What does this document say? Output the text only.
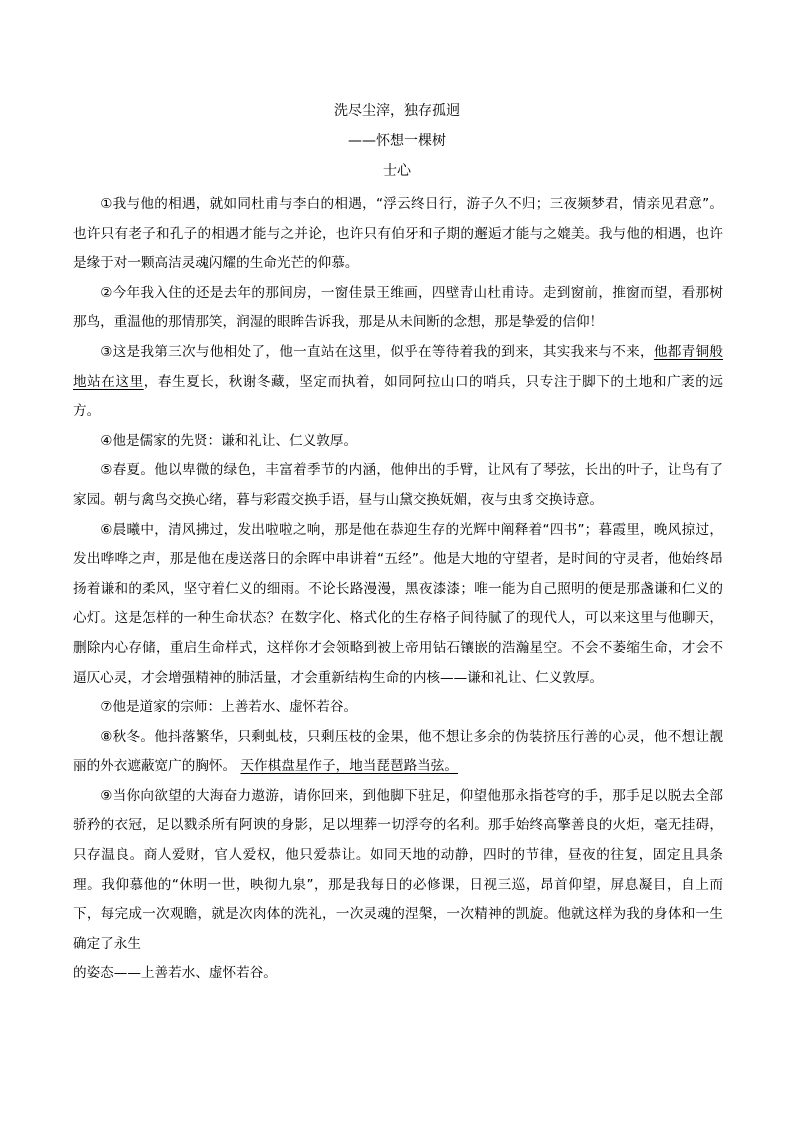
洗尽尘滓，独存孤迥
——怀想一棵树
士心

①我与他的相遇，就如同杜甫与李白的相遇，“浮云终日行，游子久不归；三夜频梦君，情亲见君意”。也许只有老子和孔子的相遇才能与之并论，也许只有伯牙和子期的邂逅才能与之媲美。我与他的相遇，也许是缘于对一颗高洁灵魂闪耀的生命光芒的仰慕。

②今年我入住的还是去年的那间房，一窗佳景王维画，四壁青山杜甫诗。走到窗前，推窗而望，看那树那鸟，重温他的那情那笑，润湿的眼眸告诉我，那是从未间断的念想，那是挚爱的信仰！

③这是我第三次与他相处了，他一直站在这里，似乎在等待着我的到来，其实我来与不来，他都青铜般地站在这里，春生夏长，秋谢冬藏，坚定而执着，如同阿拉山口的哨兵，只专注于脚下的土地和广袤的远方。

④他是儒家的先贤：谦和礼让、仁义敦厚。

⑤春夏。他以卑微的绿色，丰富着季节的内涵，他伸出的手臂，让风有了琴弦，长出的叶子，让鸟有了家园。朝与禽鸟交换心绪，暮与彩霞交换手语，昼与山黛交换妩媚，夜与虫豸交换诗意。

⑥晨曦中，清风拂过，发出啦啦之响，那是他在恭迎生存的光辉中阐释着“四书”；暮霞里，晚风掠过，发出哗哗之声，那是他在虔送落日的余晖中串讲着“五经”。他是大地的守望者，是时间的守灵者，他始终昂扬着谦和的柔风，坚守着仁义的细雨。不论长路漫漫，黑夜漆漆；唯一能为自己照明的便是那盏谦和仁义的心灯。这是怎样的一种生命状态？在数字化、格式化的生存格子间待腻了的现代人，可以来这里与他聊天，删除内心存储，重启生命样式，这样你才会领略到被上帝用钻石镶嵌的浩瀚星空。不会不萎缩生命，才会不逼仄心灵，才会增强精神的肺活量，才会重新结构生命的内核——谦和礼让、仁义敦厚。

⑦他是道家的宗师：上善若水、虚怀若谷。

⑧秋冬。他抖落繁华，只剩虬枝，只剩压枝的金果，他不想让多余的伪装挤压行善的心灵，他不想让靓丽的外衣遮蔽宽广的胸怀。 天作棋盘星作子，地当琵琶路当弦。

⑨当你向欲望的大海奋力遨游，请你回来，到他脚下驻足，仰望他那永指苍穹的手，那手足以脱去全部骄矜的衣冠，足以戮杀所有阿谀的身影，足以埋葬一切浮夸的名利。那手始终高擎善良的火炬，毫无挂碍，只存温良。商人爱财，官人爱权，他只爱恭让。如同天地的动静，四时的节律，昼夜的往复，固定且具条理。我仰慕他的“休明一世，映彻九泉”，那是我每日的必修课，日视三巡，昂首仰望，屏息凝目，自上而下，每完成一次观瞻，就是次肉体的洗礼，一次灵魂的涅槃，一次精神的凯旋。他就这样为我的身体和一生确定了永生

的姿态——上善若水、虚怀若谷。
